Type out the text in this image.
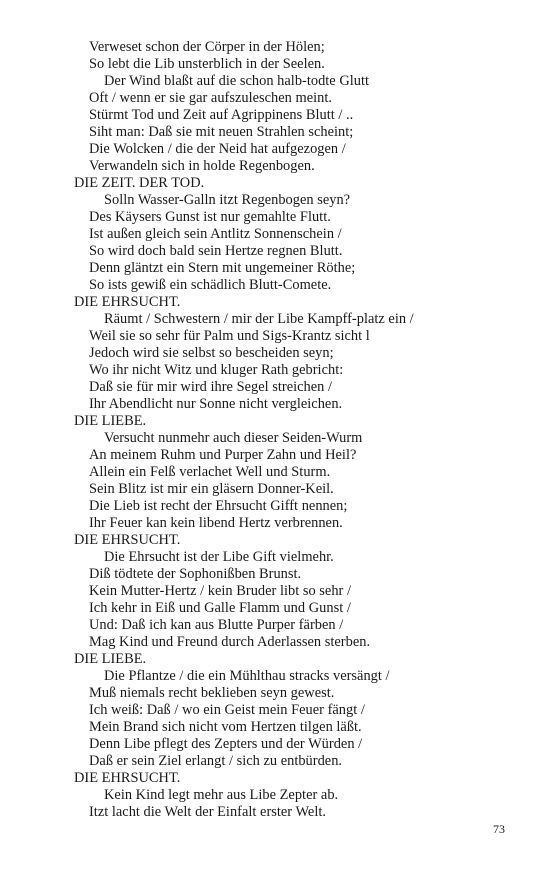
Verweset schon der Cörper in der Hölen;
So lebt die Lib unsterblich in der Seelen.
Der Wind blaßt auf die schon halb-todte Glutt
Oft / wenn er sie gar aufszuleschen meint.
Stürmt Tod und Zeit auf Agrippinens Blutt / ..
Siht man: Daß sie mit neuen Strahlen scheint;
Die Wolcken / die der Neid hat aufgezogen /
Verwandeln sich in holde Regenbogen.
DIE ZEIT. DER TOD.
Solln Wasser-Galln itzt Regenbogen seyn?
Des Käysers Gunst ist nur gemahlte Flutt.
Ist außen gleich sein Antlitz Sonnenschein /
So wird doch bald sein Hertze regnen Blutt.
Denn gläntzt ein Stern mit ungemeiner Röthe;
So ists gewiß ein schädlich Blutt-Comete.
DIE EHRSUCHT.
Räumt / Schwestern / mir der Libe Kampff-platz ein /
Weil sie so sehr für Palm und Sigs-Krantz sicht l
Jedoch wird sie selbst so bescheiden seyn;
Wo ihr nicht Witz und kluger Rath gebricht:
Daß sie für mir wird ihre Segel streichen /
Ihr Abendlicht nur Sonne nicht vergleichen.
DIE LIEBE.
Versucht nunmehr auch dieser Seiden-Wurm
An meinem Ruhm und Purper Zahn und Heil?
Allein ein Felß verlachet Well und Sturm.
Sein Blitz ist mir ein gläsern Donner-Keil.
Die Lieb ist recht der Ehrsucht Gifft nennen;
Ihr Feuer kan kein libend Hertz verbrennen.
DIE EHRSUCHT.
Die Ehrsucht ist der Libe Gift vielmehr.
Diß tödtete der Sophonißben Brunst.
Kein Mutter-Hertz / kein Bruder libt so sehr /
Ich kehr in Eiß und Galle Flamm und Gunst /
Und: Daß ich kan aus Blutte Purper färben /
Mag Kind und Freund durch Aderlassen sterben.
DIE LIEBE.
Die Pflantze / die ein Mühlthau stracks versängt /
Muß niemals recht beklieben seyn gewest.
Ich weiß: Daß / wo ein Geist mein Feuer fängt /
Mein Brand sich nicht vom Hertzen tilgen läßt.
Denn Libe pflegt des Zepters und der Würden /
Daß er sein Ziel erlangt / sich zu entbürden.
DIE EHRSUCHT.
Kein Kind legt mehr aus Libe Zepter ab.
Itzt lacht die Welt der Einfalt erster Welt.
73
